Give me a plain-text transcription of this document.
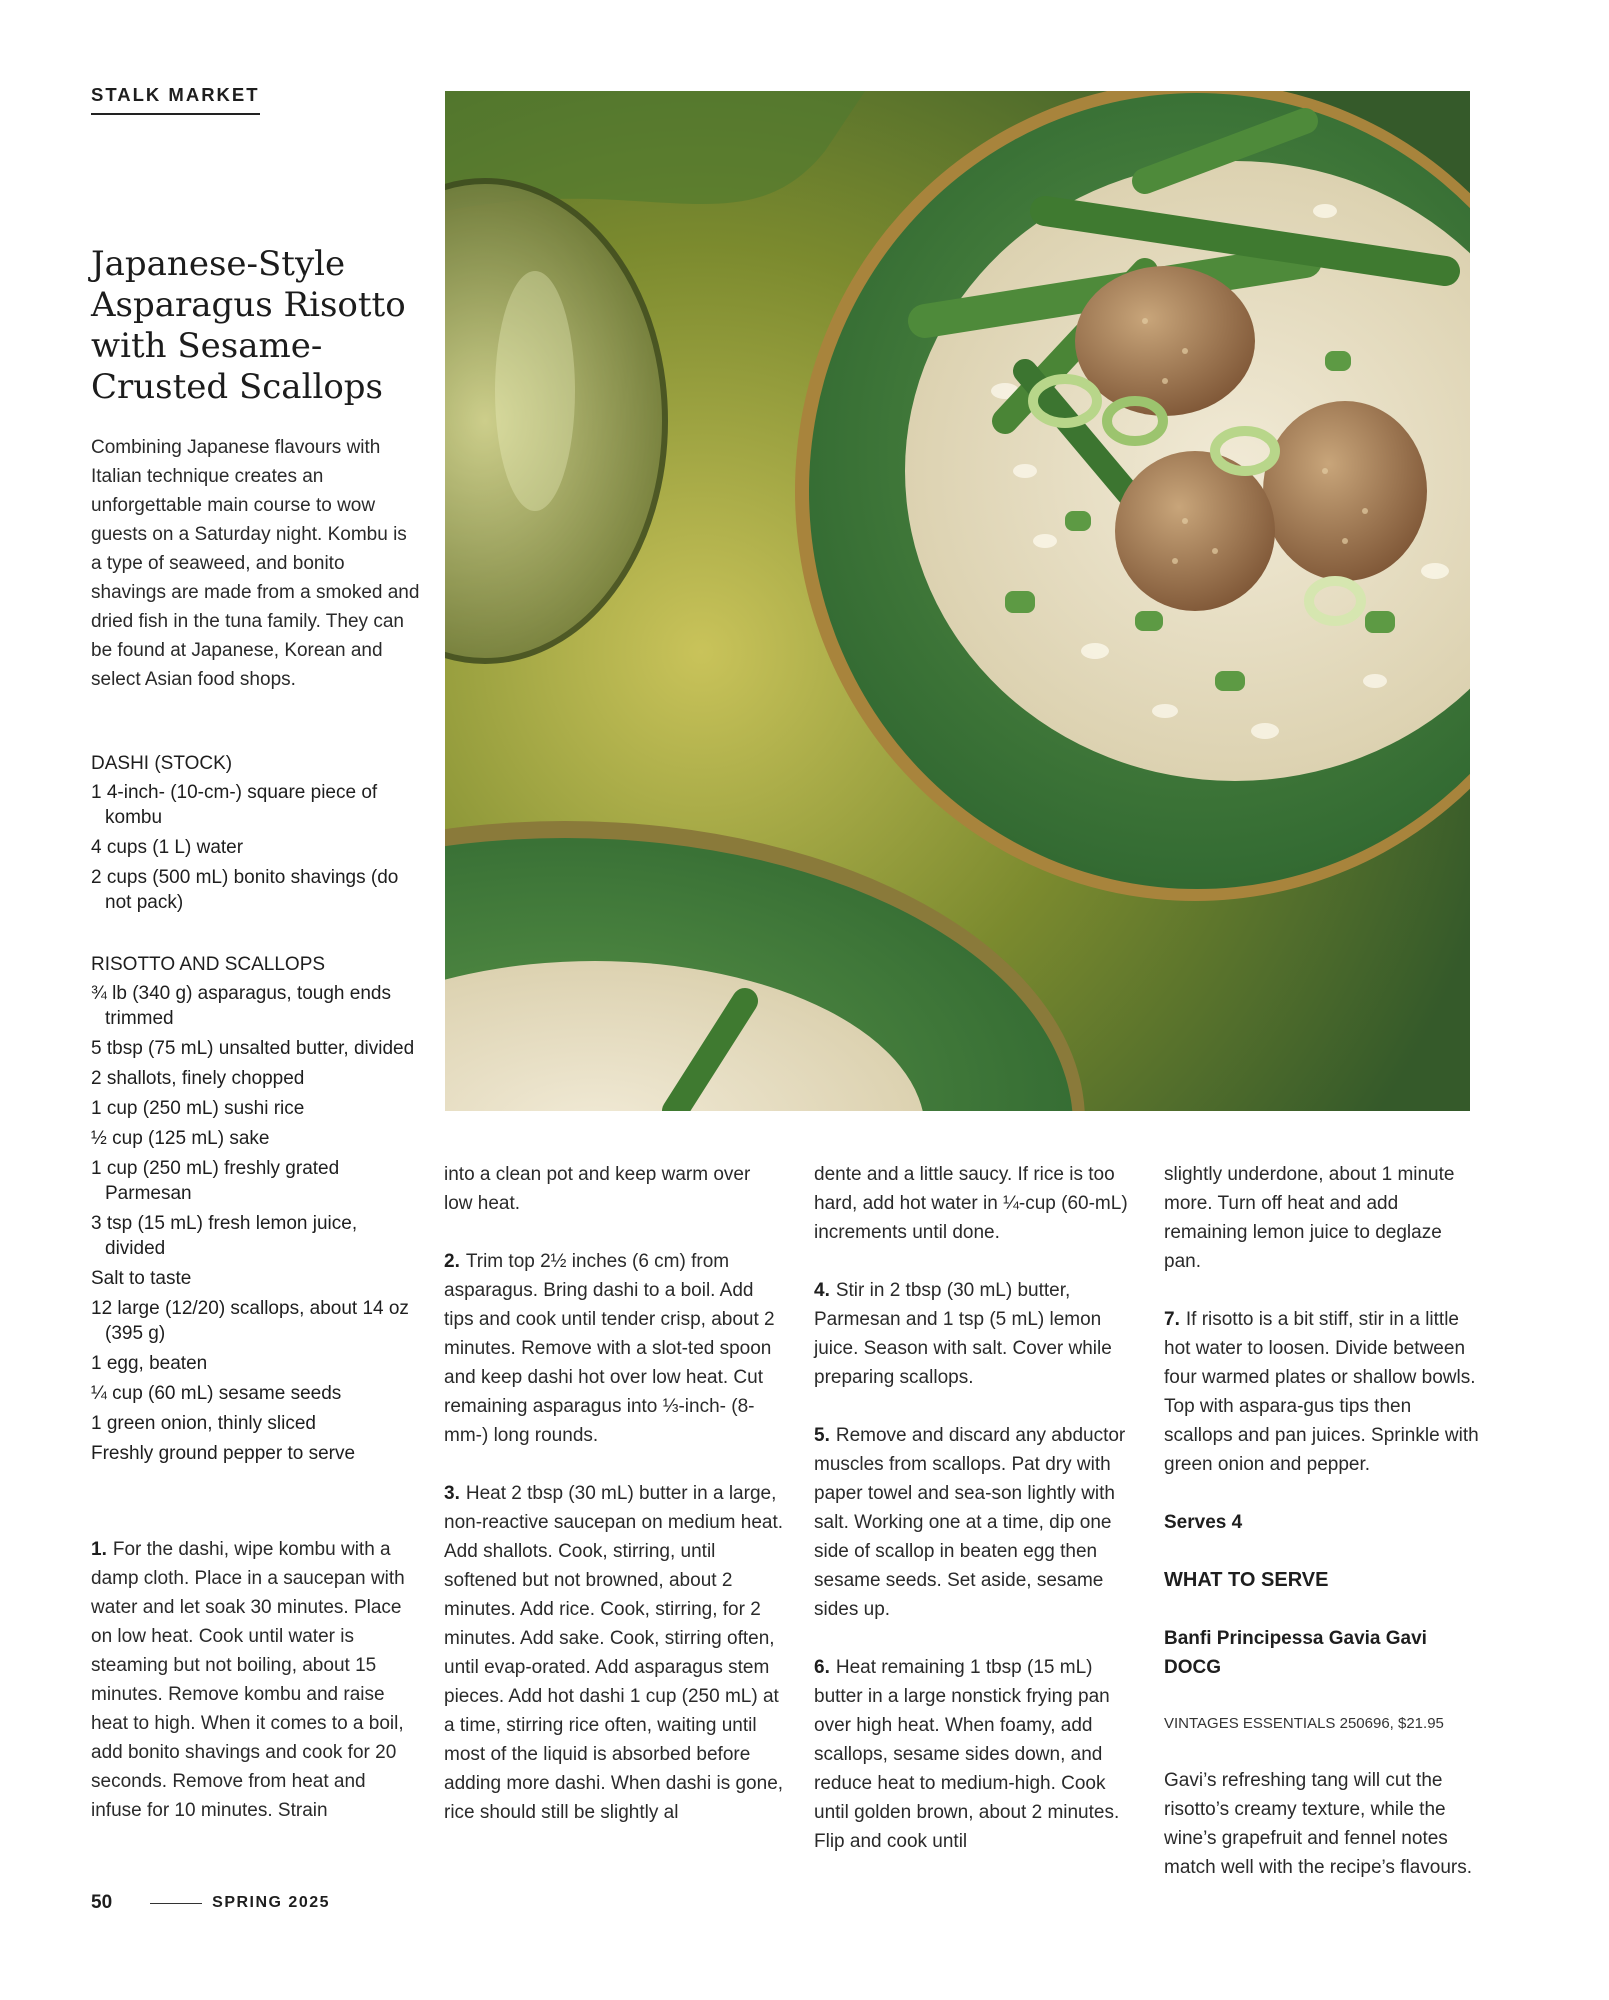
STALK MARKET
Japanese-Style Asparagus Risotto with Sesame-Crusted Scallops

Combining Japanese flavours with Italian technique creates an unforgettable main course to wow guests on a Saturday night. Kombu is a type of seaweed, and bonito shavings are made from a smoked and dried fish in the tuna family. They can be found at Japanese, Korean and select Asian food shops.

DASHI (STOCK)

1 4-inch- (10-cm-) square piece of kombu
4 cups (1 L) water
2 cups (500 mL) bonito shavings (do not pack)

RISOTTO AND SCALLOPS

¾ lb (340 g) asparagus, tough ends trimmed
5 tbsp (75 mL) unsalted butter, divided
2 shallots, finely chopped
1 cup (250 mL) sushi rice
½ cup (125 mL) sake
1 cup (250 mL) freshly grated Parmesan
3 tsp (15 mL) fresh lemon juice, divided
Salt to taste
12 large (12/20) scallops, about 14 oz (395 g)
1 egg, beaten
¼ cup (60 mL) sesame seeds
1 green onion, thinly sliced
Freshly ground pepper to serve

1. For the dashi, wipe kombu with a damp cloth. Place in a saucepan with water and let soak 30 minutes. Place on low heat. Cook until water is steaming but not boiling, about 15 minutes. Remove kombu and raise heat to high. When it comes to a boil, add bonito shavings and cook for 20 seconds. Remove from heat and infuse for 10 minutes. Strain

into a clean pot and keep warm over low heat.

2. Trim top 2½ inches (6 cm) from asparagus. Bring dashi to a boil. Add tips and cook until tender crisp, about 2 minutes. Remove with a slot-ted spoon and keep dashi hot over low heat. Cut remaining asparagus into ⅓-inch- (8-mm-) long rounds.

3. Heat 2 tbsp (30 mL) butter in a large, non-reactive saucepan on medium heat. Add shallots. Cook, stirring, until softened but not browned, about 2 minutes. Add rice. Cook, stirring, for 2 minutes. Add sake. Cook, stirring often, until evap-orated. Add asparagus stem pieces. Add hot dashi 1 cup (250 mL) at a time, stirring rice often, waiting until most of the liquid is absorbed before adding more dashi. When dashi is gone, rice should still be slightly al

dente and a little saucy. If rice is too hard, add hot water in ¼-cup (60-mL) increments until done.

4. Stir in 2 tbsp (30 mL) butter, Parmesan and 1 tsp (5 mL) lemon juice. Season with salt. Cover while preparing scallops.

5. Remove and discard any abductor muscles from scallops. Pat dry with paper towel and sea-son lightly with salt. Working one at a time, dip one side of scallop in beaten egg then sesame seeds. Set aside, sesame sides up.

6. Heat remaining 1 tbsp (15 mL) butter in a large nonstick frying pan over high heat. When foamy, add scallops, sesame sides down, and reduce heat to medium-high. Cook until golden brown, about 2 minutes. Flip and cook until

slightly underdone, about 1 minute more. Turn off heat and add remaining lemon juice to deglaze pan.

7. If risotto is a bit stiff, stir in a little hot water to loosen. Divide between four warmed plates or shallow bowls. Top with aspara-gus tips then scallops and pan juices. Sprinkle with green onion and pepper.

Serves 4

WHAT TO SERVE

Banfi Principessa Gavia Gavi DOCG

VINTAGES ESSENTIALS 250696, $21.95

Gavi’s refreshing tang will cut the risotto’s creamy texture, while the wine’s grapefruit and fennel notes match well with the recipe’s flavours.

50	SPRING 2025
